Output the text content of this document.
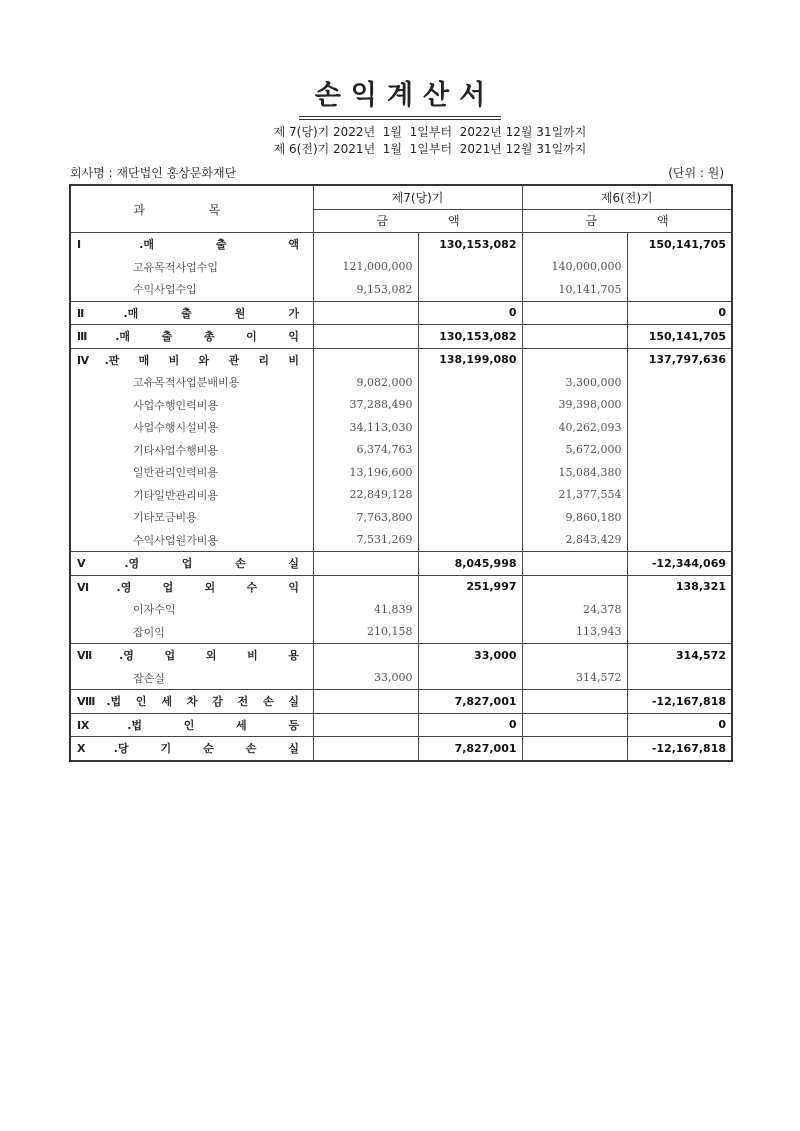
손익계산서
제 7(당)기 2022년  1월  1일부터  2022년 12월 31일까지
제 6(전)기 2021년  1월  1일부터  2021년 12월 31일까지
회사명 : 재단법인 홍상문화재단	(단위 : 원)
과 목	제7(당)기		제6(전)기	
	금	액	금	액

Ⅰ.매 출 액		130,153,082		150,141,705

고유목적사업수입	121,000,000		140,000,000	

수익사업수입	9,153,082		10,141,705	

Ⅱ.매 출 원 가		0		0

Ⅲ.매 출 총 이 익		130,153,082		150,141,705

Ⅳ.판 매 비 와 관 리 비		138,199,080		137,797,636

고유목적사업분배비용	9,082,000		3,300,000	

사업수행인력비용	37,288,490		39,398,000	

사업수행시설비용	34,113,030		40,262,093	

기타사업수행비용	6,374,763		5,672,000	

일반관리인력비용	13,196,600		15,084,380	

기타일반관리비용	22,849,128		21,377,554	

기타모금비용	7,763,800		9,860,180	

수익사업원가비용	7,531,269		2,843,429	

Ⅴ.영 업 손 실		8,045,998		-12,344,069

Ⅵ.영 업 외 수 익		251,997		138,321

이자수익	41,839		24,378	

잡이익	210,158		113,943	

Ⅶ.영 업 외 비 용		33,000		314,572

잡손실	33,000		314,572	

Ⅷ.법 인 세 차 감 전 손 실		7,827,001		-12,167,818

Ⅸ.법 인 세 등		0		0

Ⅹ.당 기 순 손 실		7,827,001		-12,167,818
